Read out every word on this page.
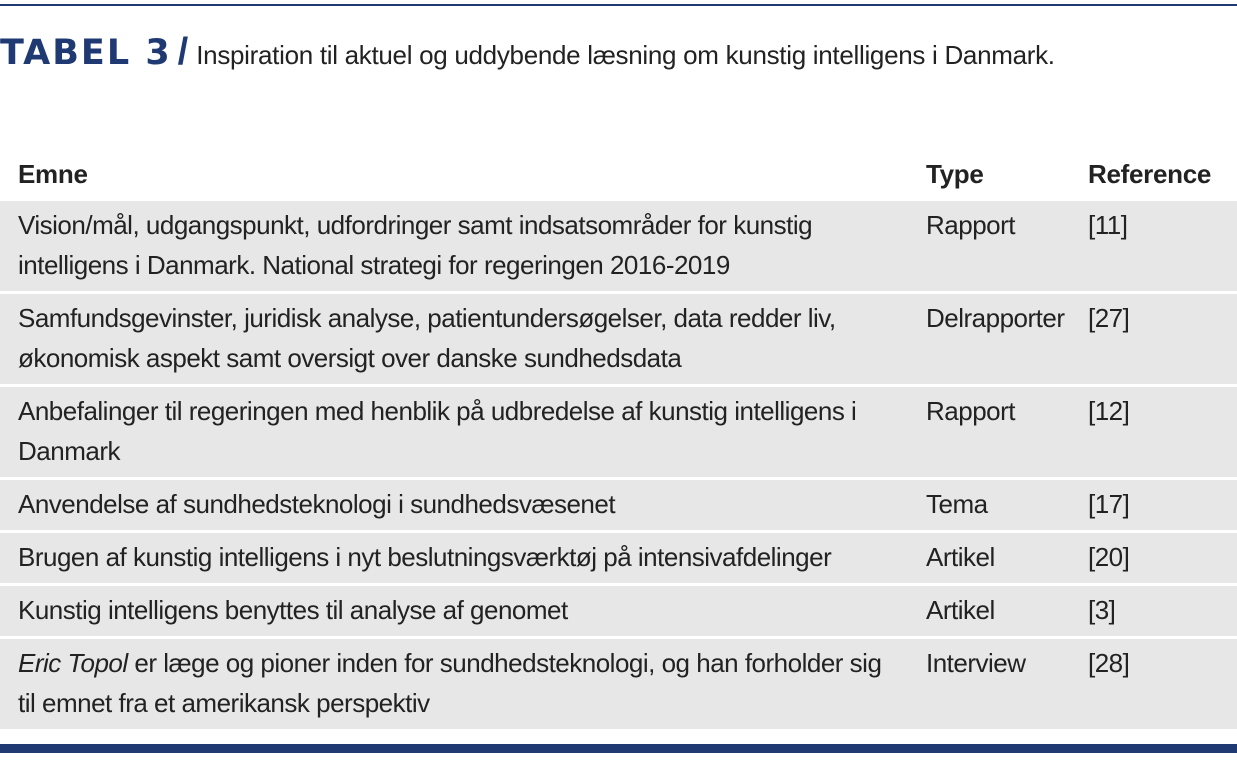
TABEL 3 / Inspiration til aktuel og uddybende læsning om kunstig intelligens i Danmark.
Emne	Type	Reference
Vision/mål, udgangspunkt, udfordringer samt indsatsområder for kunstig intelligens i Danmark. National strategi for regeringen 2016-2019	Rapport	[11]
Samfundsgevinster, juridisk analyse, patientundersøgelser, data redder liv, økonomisk aspekt samt oversigt over danske sundhedsdata	Delrapporter	[27]
Anbefalinger til regeringen med henblik på udbredelse af kunstig intelligens i Danmark	Rapport	[12]
Anvendelse af sundhedsteknologi i sundhedsvæsenet	Tema	[17]
Brugen af kunstig intelligens i nyt beslutningsværktøj på intensivafdelinger	Artikel	[20]
Kunstig intelligens benyttes til analyse af genomet	Artikel	[3]
Eric Topol er læge og pioner inden for sundhedsteknologi, og han forholder sig til emnet fra et amerikansk perspektiv	Interview	[28]
